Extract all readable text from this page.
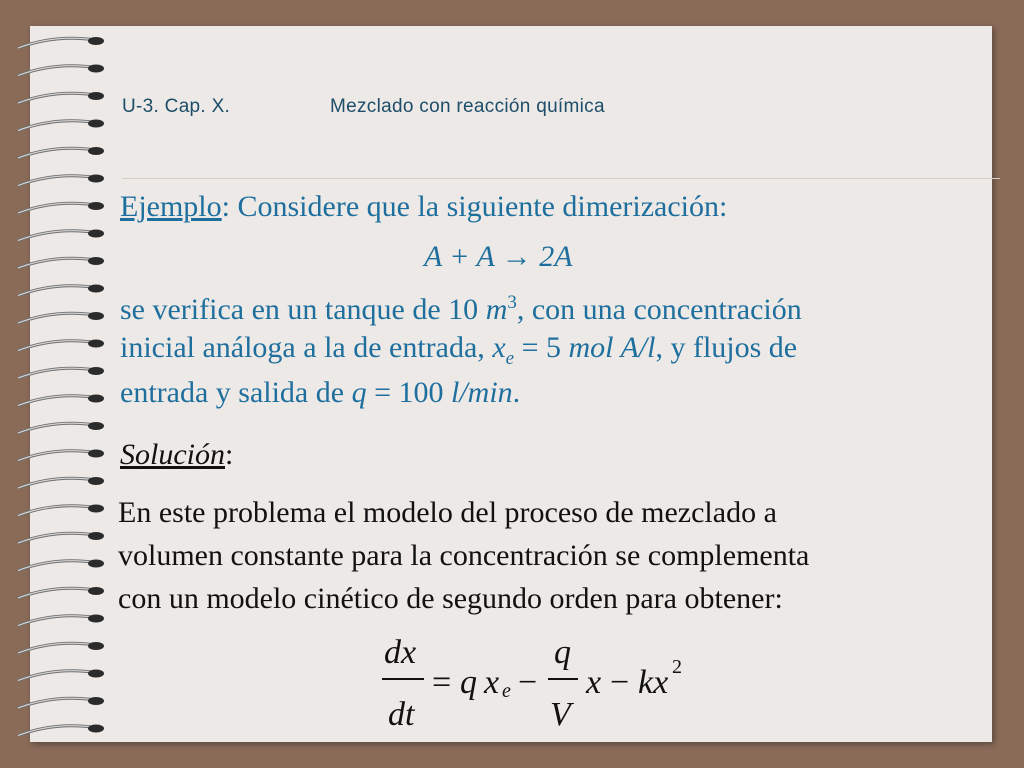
U-3. Cap. X.	Mezclado con reacción química
Ejemplo: Considere que la siguiente dimerización:
A + A → 2A
se verifica en un tanque de 10 $m^3$, con una concentración
inicial análoga a la de entrada, $x_e = 5$ mol A/l, y flujos de
entrada y salida de q = 100 l/min.
Solución:
En este problema el modelo del proceso de mezclado a
volumen constante para la concentración se complementa
con un modelo cinético de segundo orden para obtener:
dx
dt
= q x e −
q
V
x − kx 2
